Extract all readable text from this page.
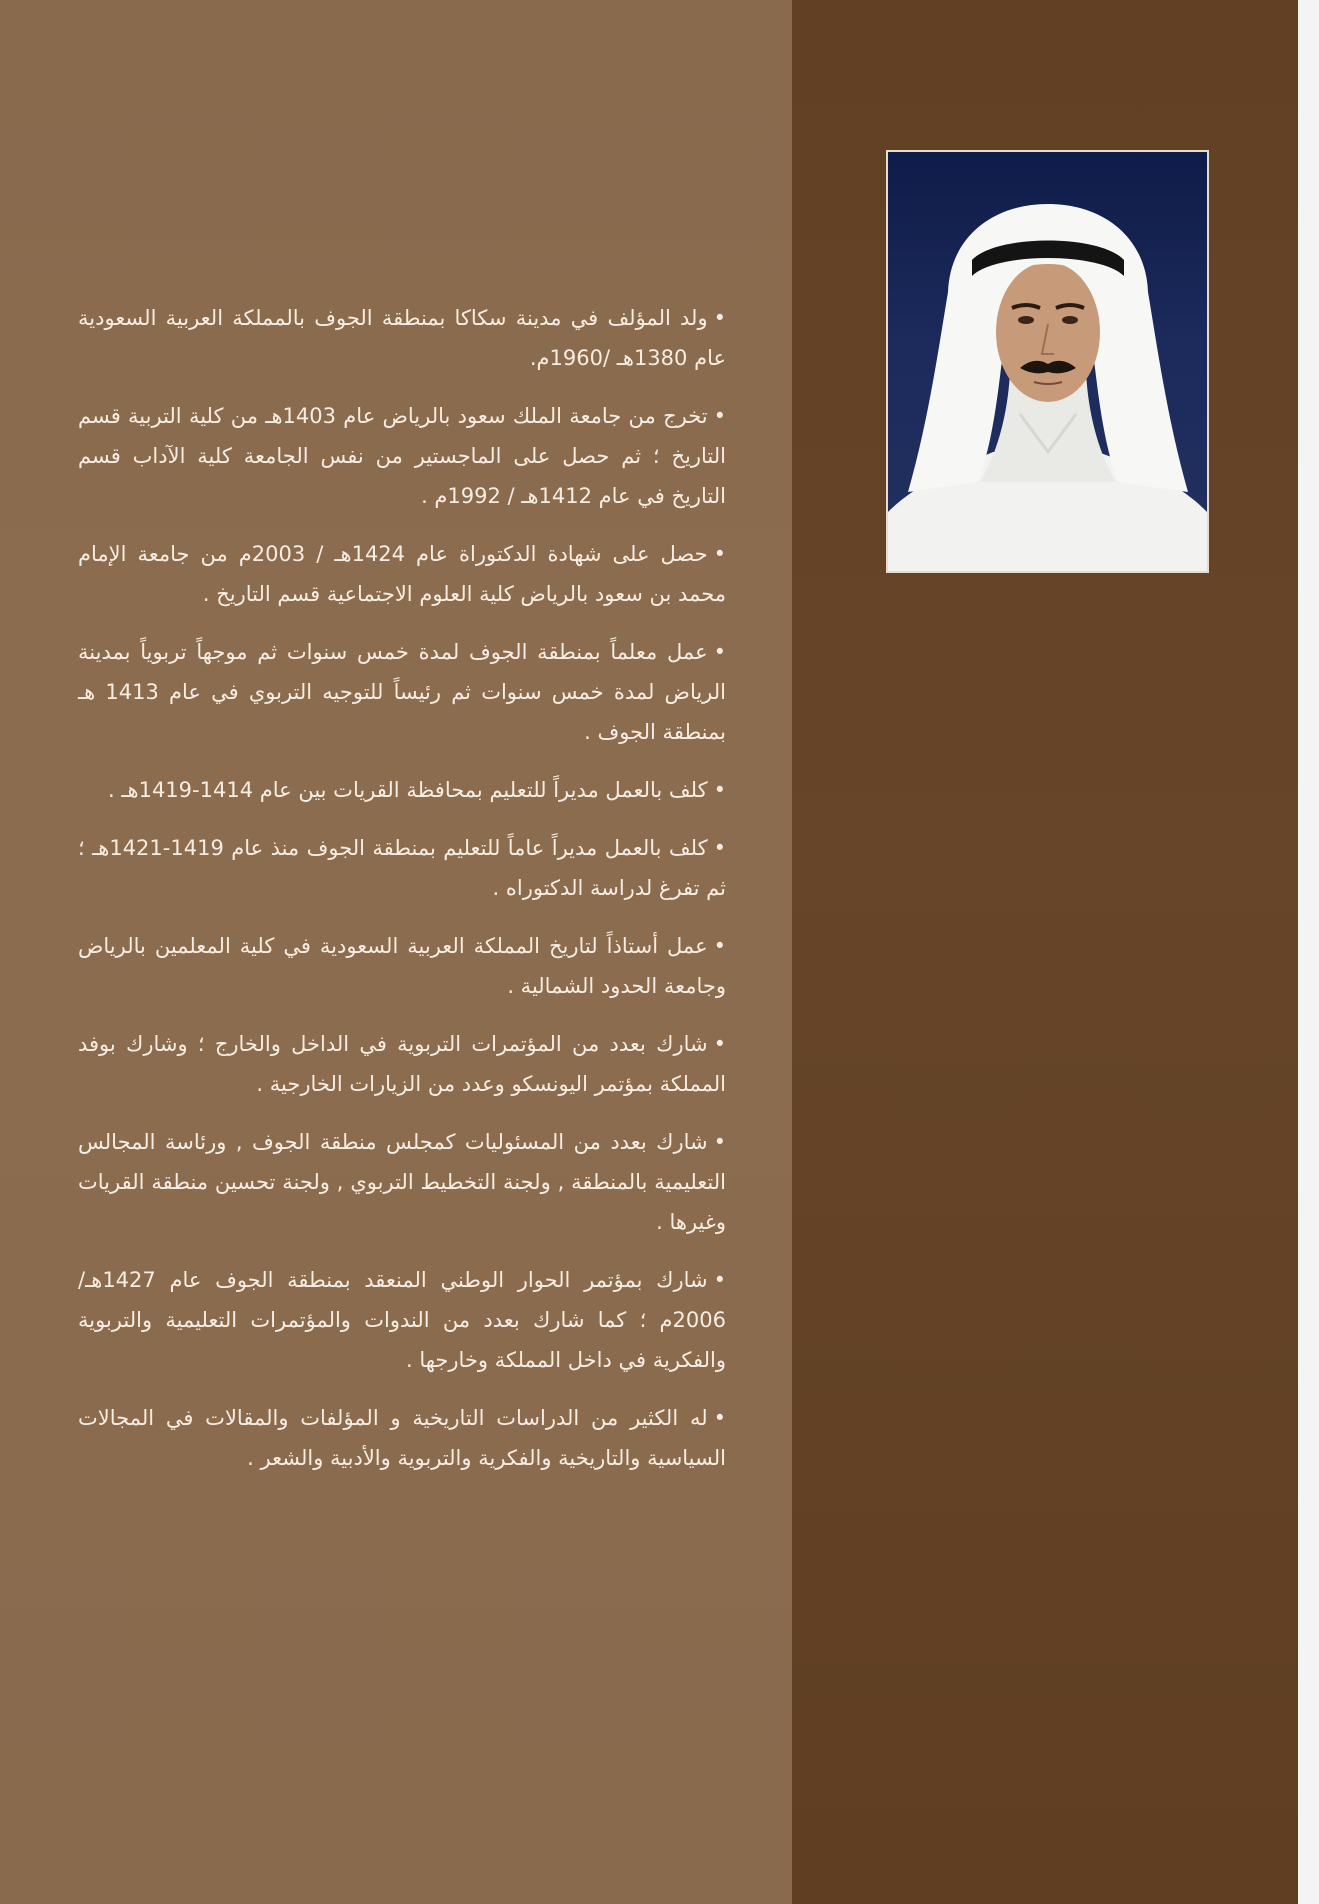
•ولد المؤلف في مدينة سكاكا بمنطقة الجوف بالمملكة العربية السعودية عام 1380هـ /1960م.
•تخرج من جامعة الملك سعود بالرياض عام 1403هـ من كلية التربية قسم التاريخ ؛ ثم حصل على الماجستير من نفس الجامعة كلية الآداب قسم التاريخ في عام 1412هـ / 1992م .
•حصل على شهادة الدكتوراة عام 1424هـ / 2003م من جامعة الإمام محمد بن سعود بالرياض كلية العلوم الاجتماعية قسم التاريخ .
•عمل معلماً بمنطقة الجوف لمدة خمس سنوات ثم موجهاً تربوياً بمدينة الرياض لمدة خمس سنوات ثم رئيساً للتوجيه التربوي في عام 1413 هـ بمنطقة الجوف .
•كلف بالعمل مديراً للتعليم بمحافظة القريات بين عام 1414-1419هـ .
•كلف بالعمل مديراً عاماً للتعليم بمنطقة الجوف منذ عام 1419-1421هـ ؛ ثم تفرغ لدراسة الدكتوراه .
•عمل أستاذاً لتاريخ المملكة العربية السعودية في كلية المعلمين بالرياض وجامعة الحدود الشمالية .
•شارك بعدد من المؤتمرات التربوية في الداخل والخارج ؛ وشارك بوفد المملكة بمؤتمر اليونسكو وعدد من الزيارات الخارجية .
•شارك بعدد من المسئوليات كمجلس منطقة الجوف , ورئاسة المجالس التعليمية بالمنطقة , ولجنة التخطيط التربوي , ولجنة تحسين منطقة القريات وغيرها .
•شارك بمؤتمر الحوار الوطني المنعقد بمنطقة الجوف عام 1427هـ/ 2006م ؛ كما شارك بعدد من الندوات والمؤتمرات التعليمية والتربوية والفكرية في داخل المملكة وخارجها .
•له الكثير من الدراسات التاريخية و المؤلفات والمقالات في المجالات السياسية والتاريخية والفكرية والتربوية والأدبية والشعر .
